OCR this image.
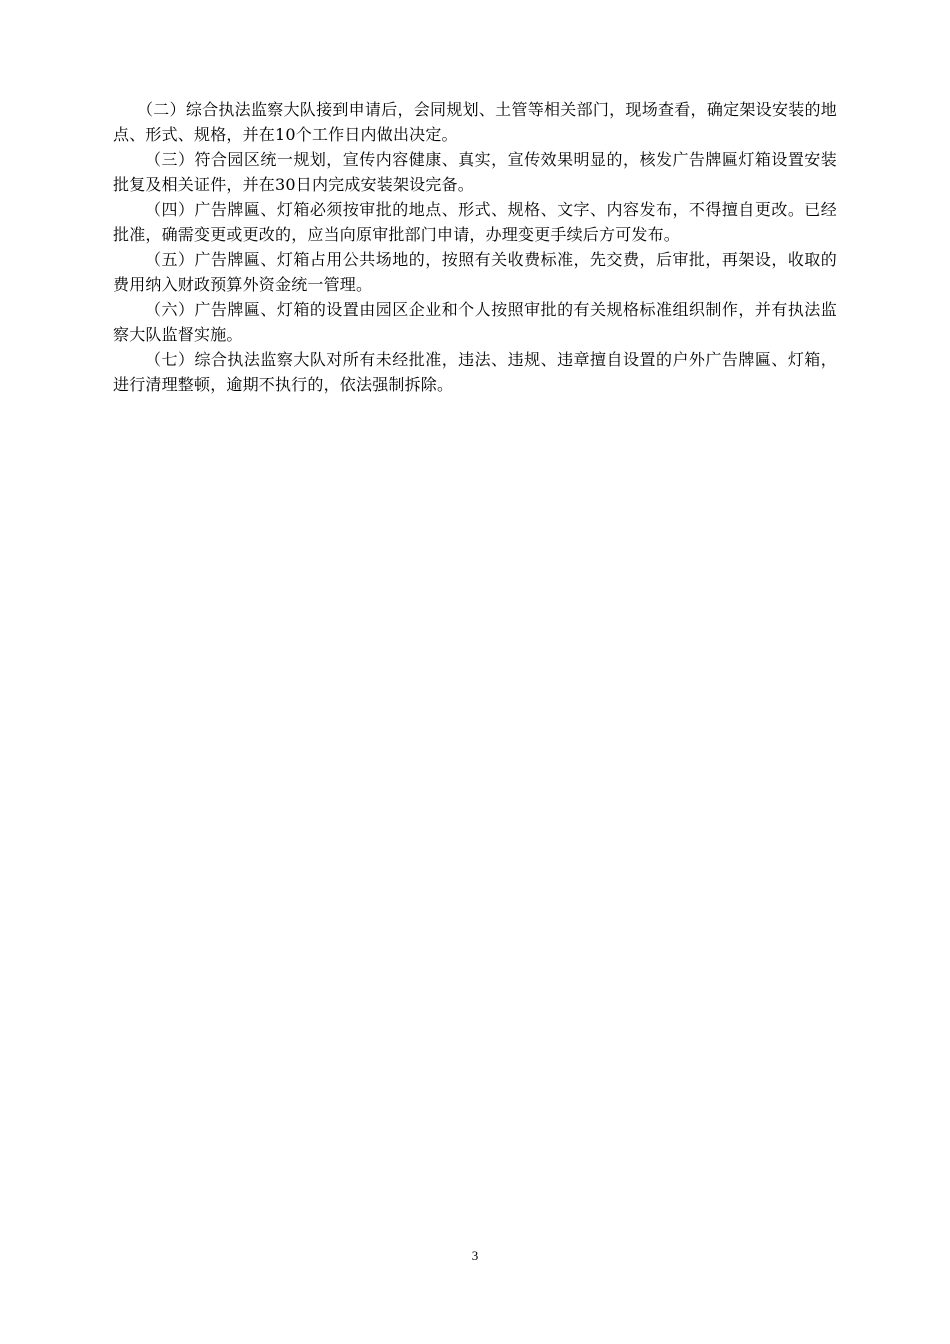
（二）综合执法监察大队接到申请后，会同规划、土管等相关部门，现场查看，确定架设安装的地点、形式、规格，并在10个工作日内做出决定。

（三）符合园区统一规划，宣传内容健康、真实，宣传效果明显的，核发广告牌匾灯箱设置安装批复及相关证件，并在30日内完成安装架设完备。

（四）广告牌匾、灯箱必须按审批的地点、形式、规格、文字、内容发布，不得擅自更改。已经批准，确需变更或更改的，应当向原审批部门申请，办理变更手续后方可发布。

（五）广告牌匾、灯箱占用公共场地的，按照有关收费标准，先交费，后审批，再架设，收取的费用纳入财政预算外资金统一管理。

（六）广告牌匾、灯箱的设置由园区企业和个人按照审批的有关规格标准组织制作，并有执法监察大队监督实施。

（七）综合执法监察大队对所有未经批准，违法、违规、违章擅自设置的户外广告牌匾、灯箱，进行清理整顿，逾期不执行的，依法强制拆除。

3
